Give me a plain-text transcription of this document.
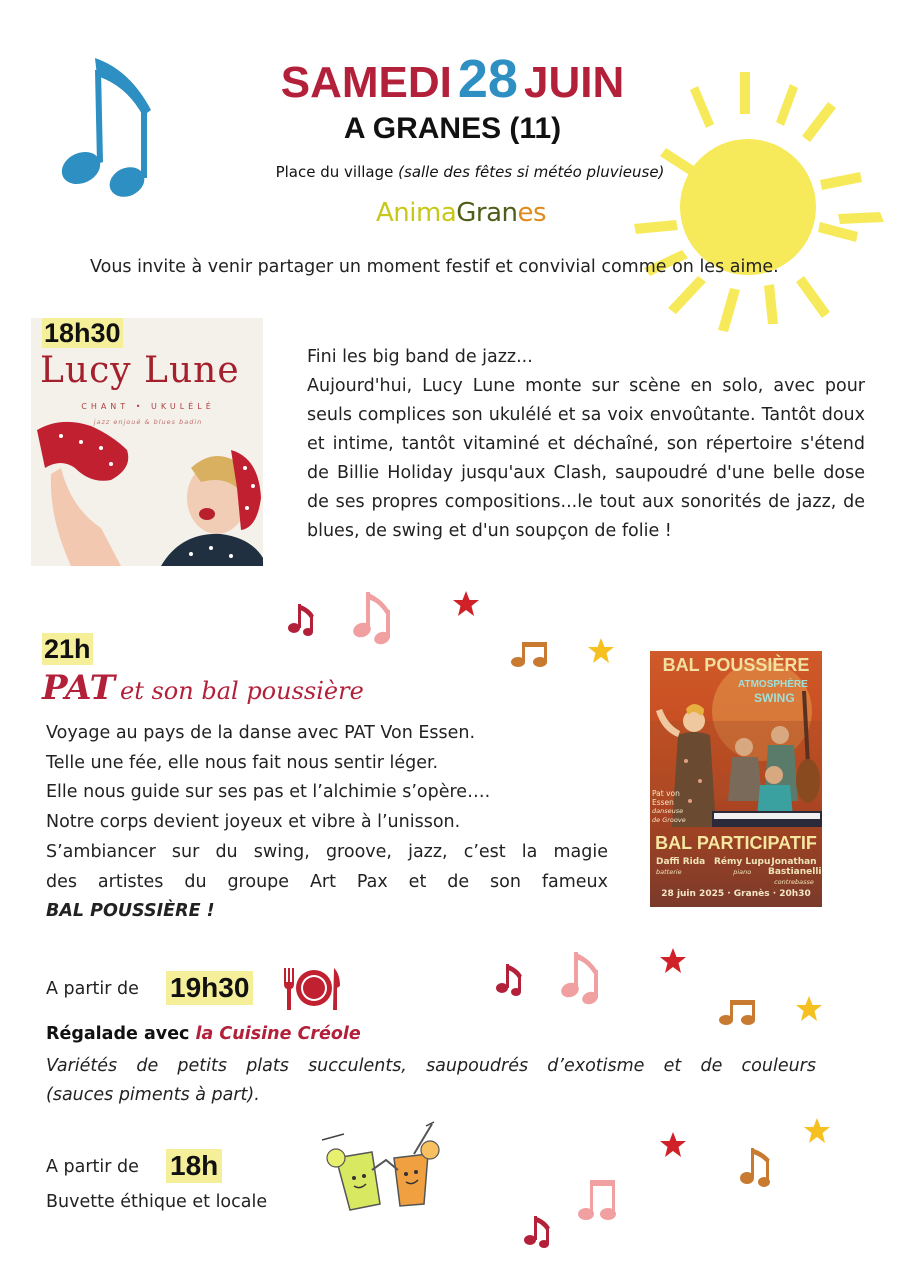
SAMEDI 28 JUIN
A GRANES (11)
Place du village (salle des fêtes si météo pluvieuse)
AnimaGranes
Vous invite à venir partager un moment festif et convivial comme on les aime.
18h30
Lucy Lune
CHANT • UKULÉLÉ
jazz enjoué & blues badin

Fini les big band de jazz...

Aujourd'hui, Lucy Lune monte sur scène en solo, avec pour seuls complices son ukulélé et sa voix envoûtante. Tantôt doux et intime, tantôt vitaminé et déchaîné, son répertoire s'étend de Billie Holiday jusqu'aux Clash, saupoudré d'une belle dose de ses propres compositions...le tout aux sonorités de jazz, de blues, de swing et d'un soupçon de folie !

21h
PAT et son bal poussière
Voyage au pays de la danse avec PAT Von Essen.
Telle une fée, elle nous fait nous sentir léger.
Elle nous guide sur ses pas et l’alchimie s’opère….
Notre corps devient joyeux et vibre à l’unisson.
S’ambiancer sur du swing, groove, jazz, c’est la magie
des artistes du groupe Art Pax et de son fameux
BAL POUSSIÈRE !
BAL POUSSIÈRE
ATMOSPHÈRE
SWING
Pat von Essen
danseuse de Groove
BAL PARTICIPATIF
Daffi Rida
batterie
Rémy Lupu
piano
Jonathan Bastianelli
contrebasse
28 juin 2025 · Granès · 20h30
A partir de 19h30
Régalade avec la Cuisine Créole
Variétés de petits plats succulents, saupoudrés d’exotisme et de couleurs
(sauces piments à part).
A partir de 18h
Buvette éthique et locale
